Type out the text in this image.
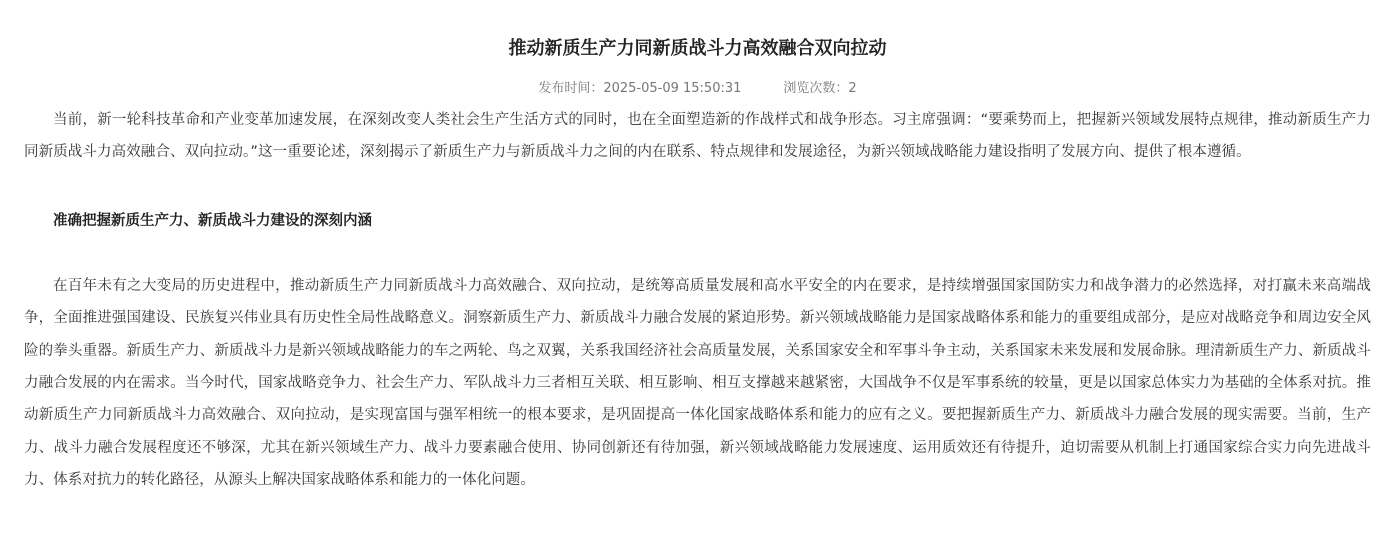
推动新质生产力同新质战斗力高效融合双向拉动
发布时间：2025-05-09 15:50:31	浏览次数：2

当前，新一轮科技革命和产业变革加速发展，在深刻改变人类社会生产生活方式的同时，也在全面塑造新的作战样式和战争形态。习主席强调：“要乘势而上，把握新兴领域发展特点规律，推动新质生产力同新质战斗力高效融合、双向拉动。”这一重要论述，深刻揭示了新质生产力与新质战斗力之间的内在联系、特点规律和发展途径，为新兴领域战略能力建设指明了发展方向、提供了根本遵循。

准确把握新质生产力、新质战斗力建设的深刻内涵

在百年未有之大变局的历史进程中，推动新质生产力同新质战斗力高效融合、双向拉动，是统筹高质量发展和高水平安全的内在要求，是持续增强国家国防实力和战争潜力的必然选择，对打赢未来高端战争，全面推进强国建设、民族复兴伟业具有历史性全局性战略意义。洞察新质生产力、新质战斗力融合发展的紧迫形势。新兴领域战略能力是国家战略体系和能力的重要组成部分，是应对战略竞争和周边安全风险的拳头重器。新质生产力、新质战斗力是新兴领域战略能力的车之两轮、鸟之双翼，关系我国经济社会高质量发展，关系国家安全和军事斗争主动，关系国家未来发展和发展命脉。理清新质生产力、新质战斗力融合发展的内在需求。当今时代，国家战略竞争力、社会生产力、军队战斗力三者相互关联、相互影响、相互支撑越来越紧密，大国战争不仅是军事系统的较量，更是以国家总体实力为基础的全体系对抗。推动新质生产力同新质战斗力高效融合、双向拉动，是实现富国与强军相统一的根本要求，是巩固提高一体化国家战略体系和能力的应有之义。要把握新质生产力、新质战斗力融合发展的现实需要。当前，生产力、战斗力融合发展程度还不够深，尤其在新兴领域生产力、战斗力要素融合使用、协同创新还有待加强，新兴领域战略能力发展速度、运用质效还有待提升，迫切需要从机制上打通国家综合实力向先进战斗力、体系对抗力的转化路径，从源头上解决国家战略体系和能力的一体化问题。
